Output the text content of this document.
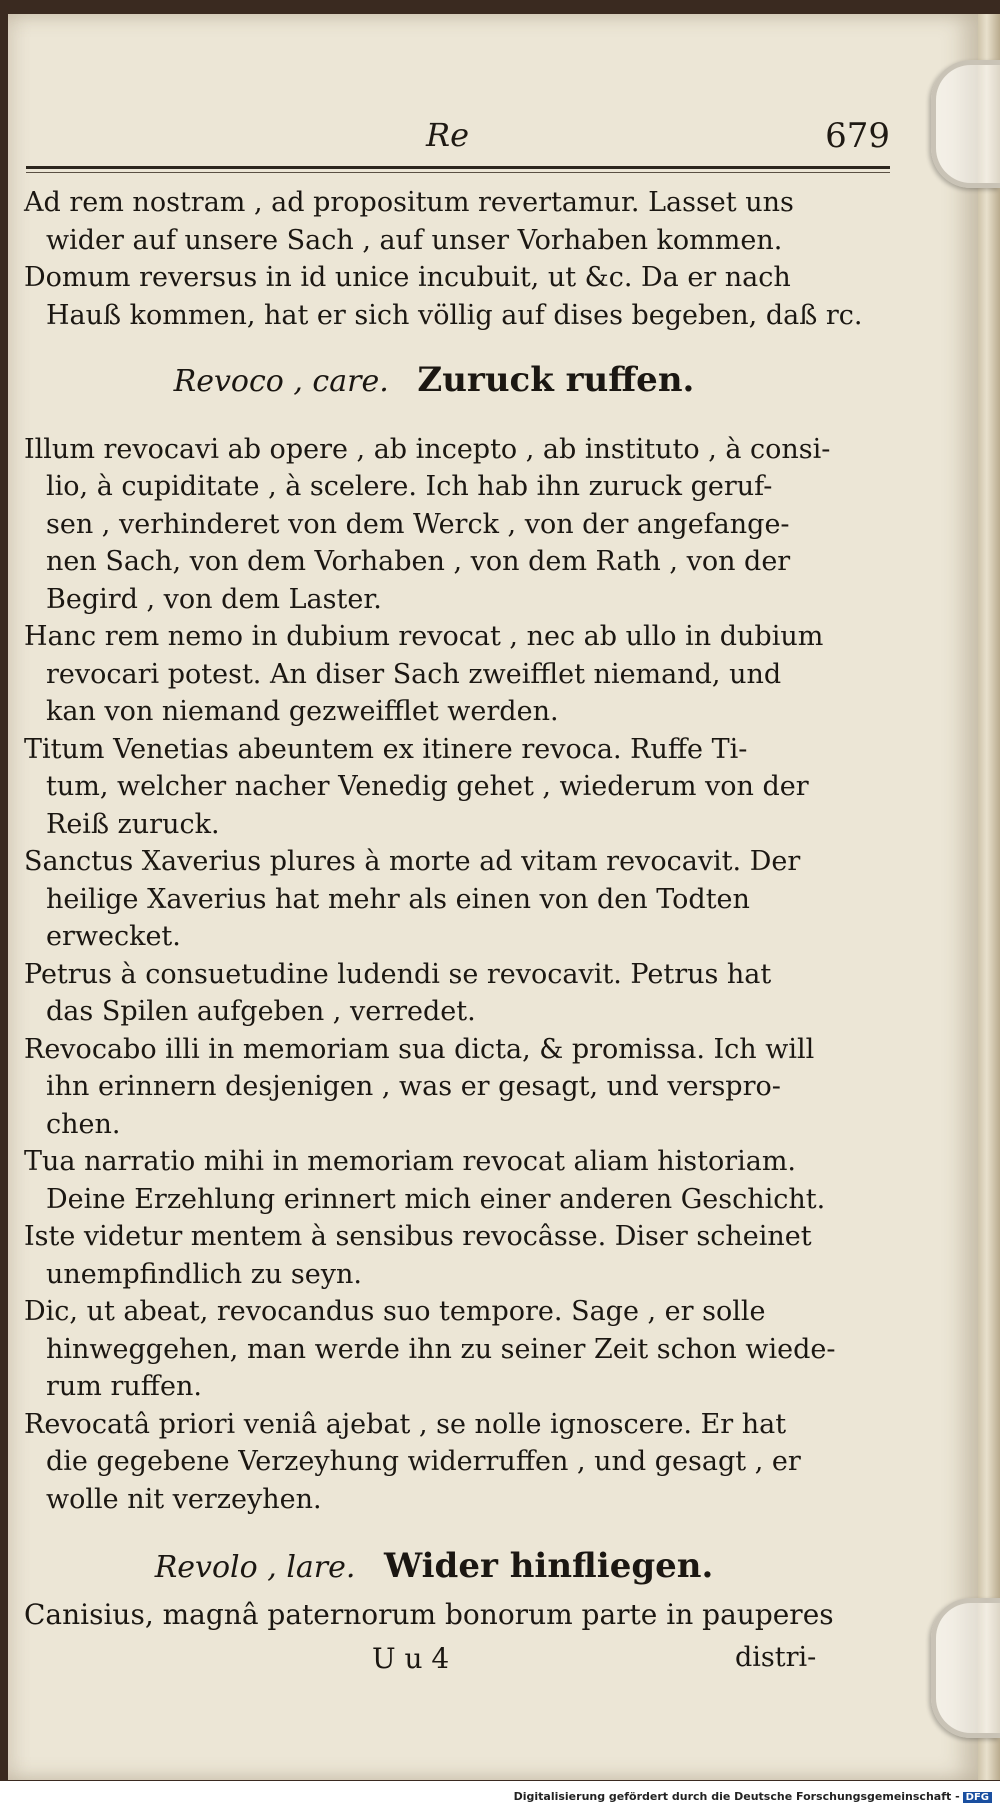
Re	679
Ad rem nostram , ad propositum revertamur. Lasset uns
wider auf unsere Sach , auf unser Vorhaben kommen.
Domum reversus in id unice incubuit, ut &c. Da er nach
Hauß kommen, hat er sich völlig auf dises begeben, daß rc.
Revoco , care. Zuruck ruffen.
Illum revocavi ab opere , ab incepto , ab instituto , à consi-
lio, à cupiditate , à scelere. Ich hab ihn zuruck geruf-
sen , verhinderet von dem Werck , von der angefange-
nen Sach, von dem Vorhaben , von dem Rath , von der
Begird , von dem Laster.
Hanc rem nemo in dubium revocat , nec ab ullo in dubium
revocari potest. An diser Sach zweifflet niemand, und
kan von niemand gezweifflet werden.
Titum Venetias abeuntem ex itinere revoca. Ruffe Ti-
tum, welcher nacher Venedig gehet , wiederum von der
Reiß zuruck.
Sanctus Xaverius plures à morte ad vitam revocavit. Der
heilige Xaverius hat mehr als einen von den Todten
erwecket.
Petrus à consuetudine ludendi se revocavit. Petrus hat
das Spilen aufgeben , verredet.
Revocabo illi in memoriam sua dicta, & promissa. Ich will
ihn erinnern desjenigen , was er gesagt, und verspro-
chen.
Tua narratio mihi in memoriam revocat aliam historiam.
Deine Erzehlung erinnert mich einer anderen Geschicht.
Iste videtur mentem à sensibus revocâsse. Diser scheinet
unempfindlich zu seyn.
Dic, ut abeat, revocandus suo tempore. Sage , er solle
hinweggehen, man werde ihn zu seiner Zeit schon wiede-
rum ruffen.
Revocatâ priori veniâ ajebat , se nolle ignoscere. Er hat
die gegebene Verzeyhung widerruffen , und gesagt , er
wolle nit verzeyhen.
Revolo , lare. Wider hinfliegen.
Canisius, magnâ paternorum bonorum parte in pauperes
U u 4	distri-
Digitalisierung gefördert durch die Deutsche Forschungsgemeinschaft - DFG
